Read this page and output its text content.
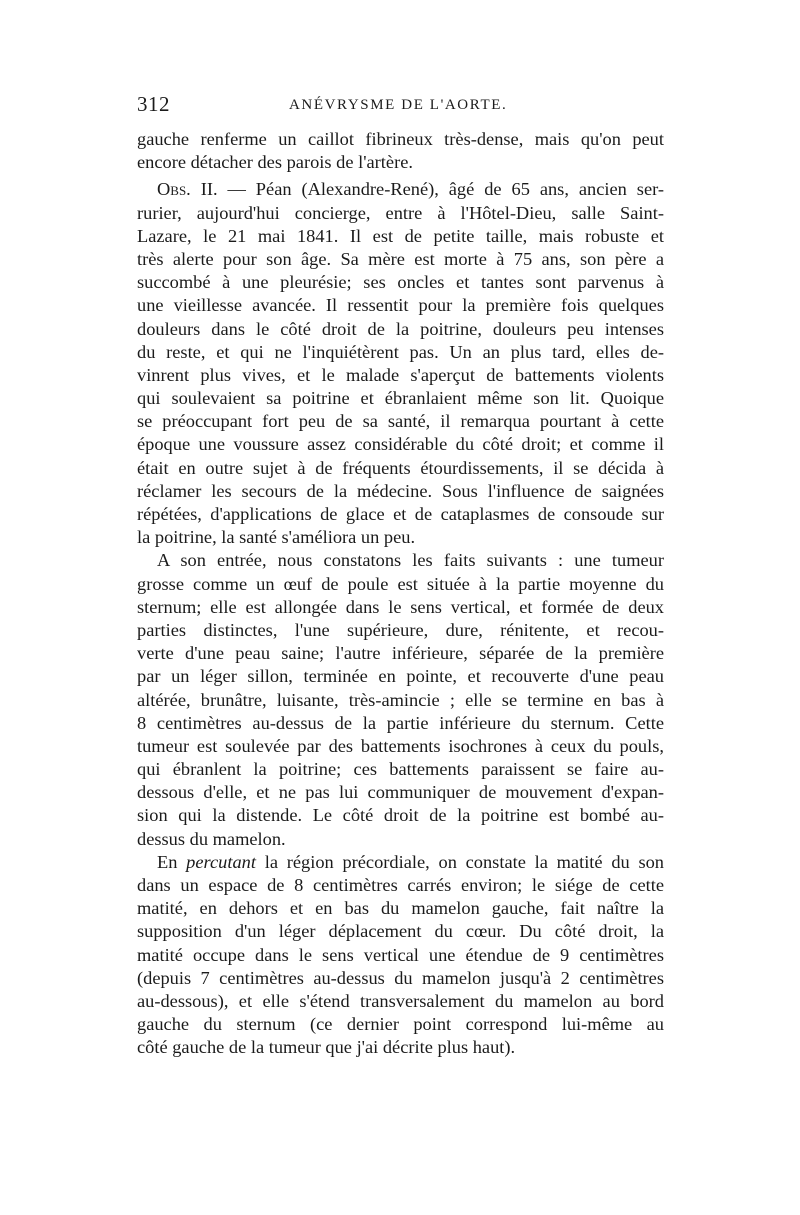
312	ANÉVRYSME DE L'AORTE.
gauche renferme un caillot fibrineux très-dense, mais qu'on peut
encore détacher des parois de l'artère.
Obs. II. — Péan (Alexandre-René), âgé de 65 ans, ancien ser-
rurier, aujourd'hui concierge, entre à l'Hôtel-Dieu, salle Saint-
Lazare, le 21 mai 1841. Il est de petite taille, mais robuste et
très alerte pour son âge. Sa mère est morte à 75 ans, son père a
succombé à une pleurésie; ses oncles et tantes sont parvenus à
une vieillesse avancée. Il ressentit pour la première fois quelques
douleurs dans le côté droit de la poitrine, douleurs peu intenses
du reste, et qui ne l'inquiétèrent pas. Un an plus tard, elles de-
vinrent plus vives, et le malade s'aperçut de battements violents
qui soulevaient sa poitrine et ébranlaient même son lit. Quoique
se préoccupant fort peu de sa santé, il remarqua pourtant à cette
époque une voussure assez considérable du côté droit; et comme il
était en outre sujet à de fréquents étourdissements, il se décida à
réclamer les secours de la médecine. Sous l'influence de saignées
répétées, d'applications de glace et de cataplasmes de consoude sur
la poitrine, la santé s'améliora un peu.
A son entrée, nous constatons les faits suivants : une tumeur
grosse comme un œuf de poule est située à la partie moyenne du
sternum; elle est allongée dans le sens vertical, et formée de deux
parties distinctes, l'une supérieure, dure, rénitente, et recou-
verte d'une peau saine; l'autre inférieure, séparée de la première
par un léger sillon, terminée en pointe, et recouverte d'une peau
altérée, brunâtre, luisante, très-amincie ; elle se termine en bas à
8 centimètres au-dessus de la partie inférieure du sternum. Cette
tumeur est soulevée par des battements isochrones à ceux du pouls,
qui ébranlent la poitrine; ces battements paraissent se faire au-
dessous d'elle, et ne pas lui communiquer de mouvement d'expan-
sion qui la distende. Le côté droit de la poitrine est bombé au-
dessus du mamelon.
En percutant la région précordiale, on constate la matité du son
dans un espace de 8 centimètres carrés environ; le siége de cette
matité, en dehors et en bas du mamelon gauche, fait naître la
supposition d'un léger déplacement du cœur. Du côté droit, la
matité occupe dans le sens vertical une étendue de 9 centimètres
(depuis 7 centimètres au-dessus du mamelon jusqu'à 2 centimètres
au-dessous), et elle s'étend transversalement du mamelon au bord
gauche du sternum (ce dernier point correspond lui-même au
côté gauche de la tumeur que j'ai décrite plus haut).
